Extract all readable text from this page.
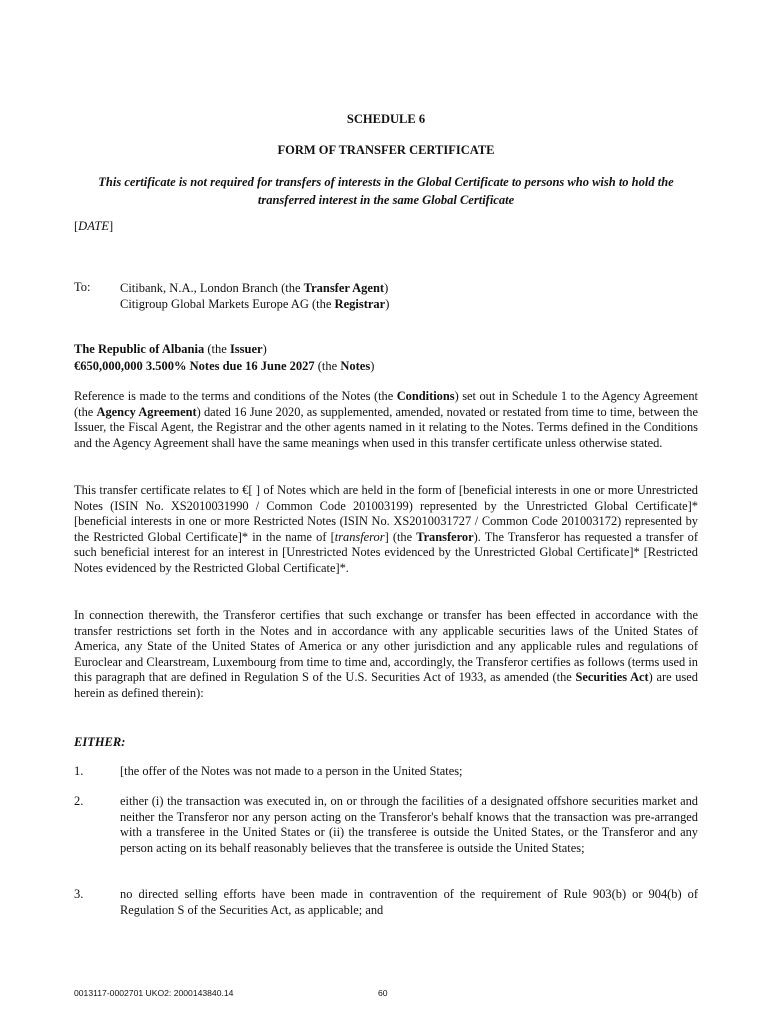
SCHEDULE 6
FORM OF TRANSFER CERTIFICATE
This certificate is not required for transfers of interests in the Global Certificate to persons who wish to hold the transferred interest in the same Global Certificate
[DATE]
To: Citibank, N.A., London Branch (the Transfer Agent)
Citigroup Global Markets Europe AG (the Registrar)
The Republic of Albania (the Issuer)
€650,000,000 3.500% Notes due 16 June 2027 (the Notes)
Reference is made to the terms and conditions of the Notes (the Conditions) set out in Schedule 1 to the Agency Agreement (the Agency Agreement) dated 16 June 2020, as supplemented, amended, novated or restated from time to time, between the Issuer, the Fiscal Agent, the Registrar and the other agents named in it relating to the Notes. Terms defined in the Conditions and the Agency Agreement shall have the same meanings when used in this transfer certificate unless otherwise stated.
This transfer certificate relates to €[ ] of Notes which are held in the form of [beneficial interests in one or more Unrestricted Notes (ISIN No. XS2010031990 / Common Code 201003199) represented by the Unrestricted Global Certificate]* [beneficial interests in one or more Restricted Notes (ISIN No. XS2010031727 / Common Code 201003172) represented by the Restricted Global Certificate]* in the name of [transferor] (the Transferor). The Transferor has requested a transfer of such beneficial interest for an interest in [Unrestricted Notes evidenced by the Unrestricted Global Certificate]* [Restricted Notes evidenced by the Restricted Global Certificate]*.
In connection therewith, the Transferor certifies that such exchange or transfer has been effected in accordance with the transfer restrictions set forth in the Notes and in accordance with any applicable securities laws of the United States of America, any State of the United States of America or any other jurisdiction and any applicable rules and regulations of Euroclear and Clearstream, Luxembourg from time to time and, accordingly, the Transferor certifies as follows (terms used in this paragraph that are defined in Regulation S of the U.S. Securities Act of 1933, as amended (the Securities Act) are used herein as defined therein):
EITHER:
1.	[the offer of the Notes was not made to a person in the United States;
2.	either (i) the transaction was executed in, on or through the facilities of a designated offshore securities market and neither the Transferor nor any person acting on the Transferor's behalf knows that the transaction was pre-arranged with a transferee in the United States or (ii) the transferee is outside the United States, or the Transferor and any person acting on its behalf reasonably believes that the transferee is outside the United States;
3.	no directed selling efforts have been made in contravention of the requirement of Rule 903(b) or 904(b) of Regulation S of the Securities Act, as applicable; and
0013117-0002701 UKO2: 2000143840.14	60
